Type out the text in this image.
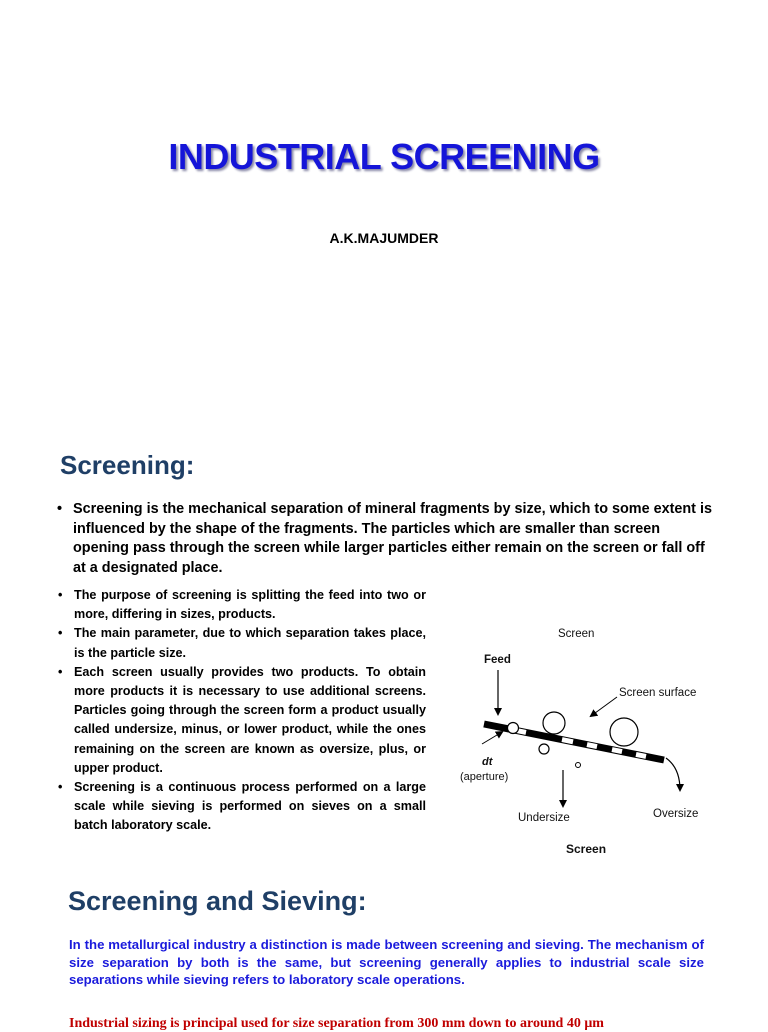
INDUSTRIAL SCREENING
A.K.MAJUMDER
Screening:
• Screening is the mechanical separation of mineral fragments by size, which to some extent is influenced by the shape of the fragments. The particles which are smaller than screen opening pass through the screen while larger particles either remain on the screen or fall off at a designated place.
• The purpose of screening is splitting the feed into two or more, differing in sizes, products.
• The main parameter, due to which separation takes place, is the particle size.
• Each screen usually provides two products. To obtain more products it is necessary to use additional screens. Particles going through the screen form a product usually called undersize, minus, or lower product, while the ones remaining on the screen are known as oversize, plus, or upper product.
• Screening is a continuous process performed on a large scale while sieving is performed on sieves on a small batch laboratory scale.
Screen
Feed
Screen surface
dt
(aperture)
Undersize	Oversize
Screen
Screening and Sieving:
In the metallurgical industry a distinction is made between screening and sieving. The mechanism of size separation by both is the same, but screening generally applies to industrial scale size separations while sieving refers to laboratory scale operations.
Industrial sizing is principal used for size separation from 300 mm down to around 40 μm
